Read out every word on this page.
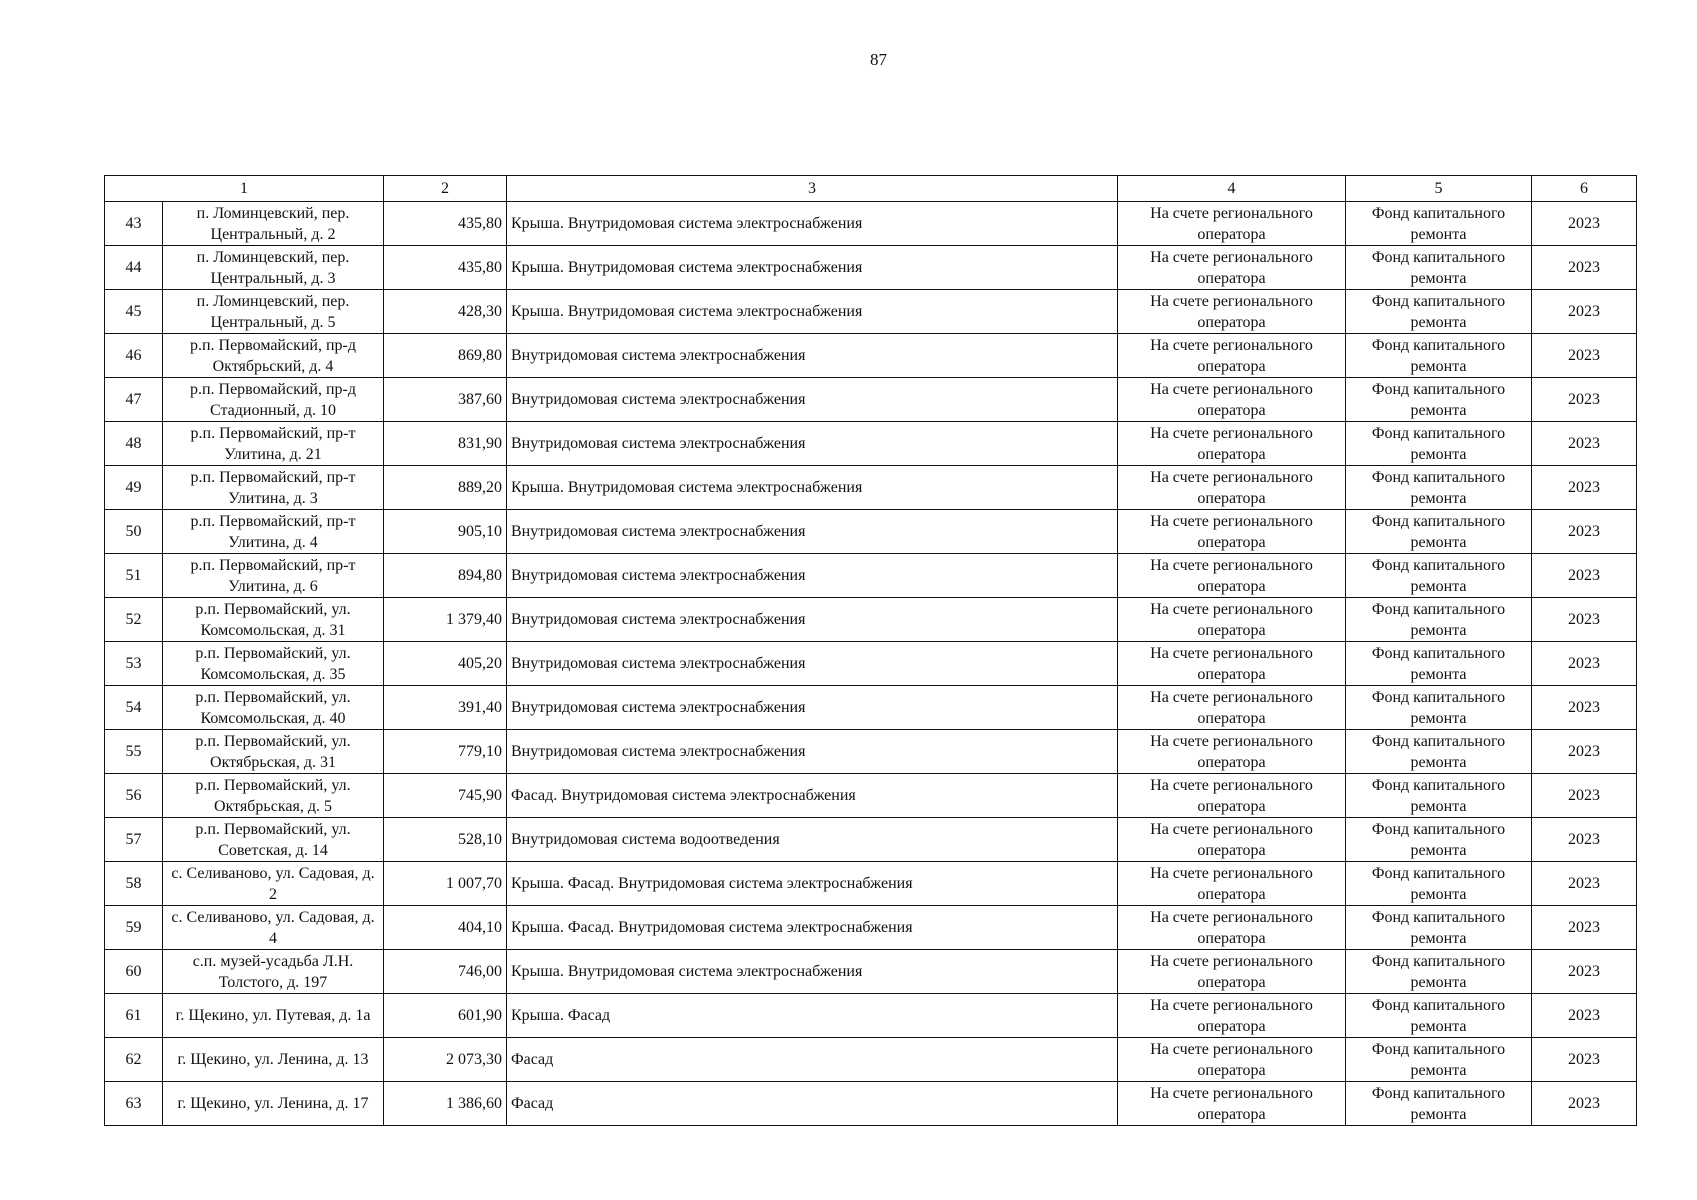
87
1		2	3	4	5	6
43	п. Ломинцевский, пер. Центральный, д. 2	435,80	Крыша. Внутридомовая система электроснабжения	На счете регионального оператора	Фонд капитального ремонта	2023
44	п. Ломинцевский, пер. Центральный, д. 3	435,80	Крыша. Внутридомовая система электроснабжения	На счете регионального оператора	Фонд капитального ремонта	2023
45	п. Ломинцевский, пер. Центральный, д. 5	428,30	Крыша. Внутридомовая система электроснабжения	На счете регионального оператора	Фонд капитального ремонта	2023
46	р.п. Первомайский, пр-д Октябрьский, д. 4	869,80	Внутридомовая система электроснабжения	На счете регионального оператора	Фонд капитального ремонта	2023
47	р.п. Первомайский, пр-д Стадионный, д. 10	387,60	Внутридомовая система электроснабжения	На счете регионального оператора	Фонд капитального ремонта	2023
48	р.п. Первомайский, пр-т Улитина, д. 21	831,90	Внутридомовая система электроснабжения	На счете регионального оператора	Фонд капитального ремонта	2023
49	р.п. Первомайский, пр-т Улитина, д. 3	889,20	Крыша. Внутридомовая система электроснабжения	На счете регионального оператора	Фонд капитального ремонта	2023
50	р.п. Первомайский, пр-т Улитина, д. 4	905,10	Внутридомовая система электроснабжения	На счете регионального оператора	Фонд капитального ремонта	2023
51	р.п. Первомайский, пр-т Улитина, д. 6	894,80	Внутридомовая система электроснабжения	На счете регионального оператора	Фонд капитального ремонта	2023
52	р.п. Первомайский, ул. Комсомольская, д. 31	1 379,40	Внутридомовая система электроснабжения	На счете регионального оператора	Фонд капитального ремонта	2023
53	р.п. Первомайский, ул. Комсомольская, д. 35	405,20	Внутридомовая система электроснабжения	На счете регионального оператора	Фонд капитального ремонта	2023
54	р.п. Первомайский, ул. Комсомольская, д. 40	391,40	Внутридомовая система электроснабжения	На счете регионального оператора	Фонд капитального ремонта	2023
55	р.п. Первомайский, ул. Октябрьская, д. 31	779,10	Внутридомовая система электроснабжения	На счете регионального оператора	Фонд капитального ремонта	2023
56	р.п. Первомайский, ул. Октябрьская, д. 5	745,90	Фасад. Внутридомовая система электроснабжения	На счете регионального оператора	Фонд капитального ремонта	2023
57	р.п. Первомайский, ул. Советская, д. 14	528,10	Внутридомовая система водоотведения	На счете регионального оператора	Фонд капитального ремонта	2023
58	с. Селиваново, ул. Садовая, д. 2	1 007,70	Крыша. Фасад. Внутридомовая система электроснабжения	На счете регионального оператора	Фонд капитального ремонта	2023
59	с. Селиваново, ул. Садовая, д. 4	404,10	Крыша. Фасад. Внутридомовая система электроснабжения	На счете регионального оператора	Фонд капитального ремонта	2023
60	с.п. музей-усадьба Л.Н. Толстого, д. 197	746,00	Крыша. Внутридомовая система электроснабжения	На счете регионального оператора	Фонд капитального ремонта	2023
61	г. Щекино, ул. Путевая, д. 1а	601,90	Крыша. Фасад	На счете регионального оператора	Фонд капитального ремонта	2023
62	г. Щекино, ул. Ленина, д. 13	2 073,30	Фасад	На счете регионального оператора	Фонд капитального ремонта	2023
63	г. Щекино, ул. Ленина, д. 17	1 386,60	Фасад	На счете регионального оператора	Фонд капитального ремонта	2023
